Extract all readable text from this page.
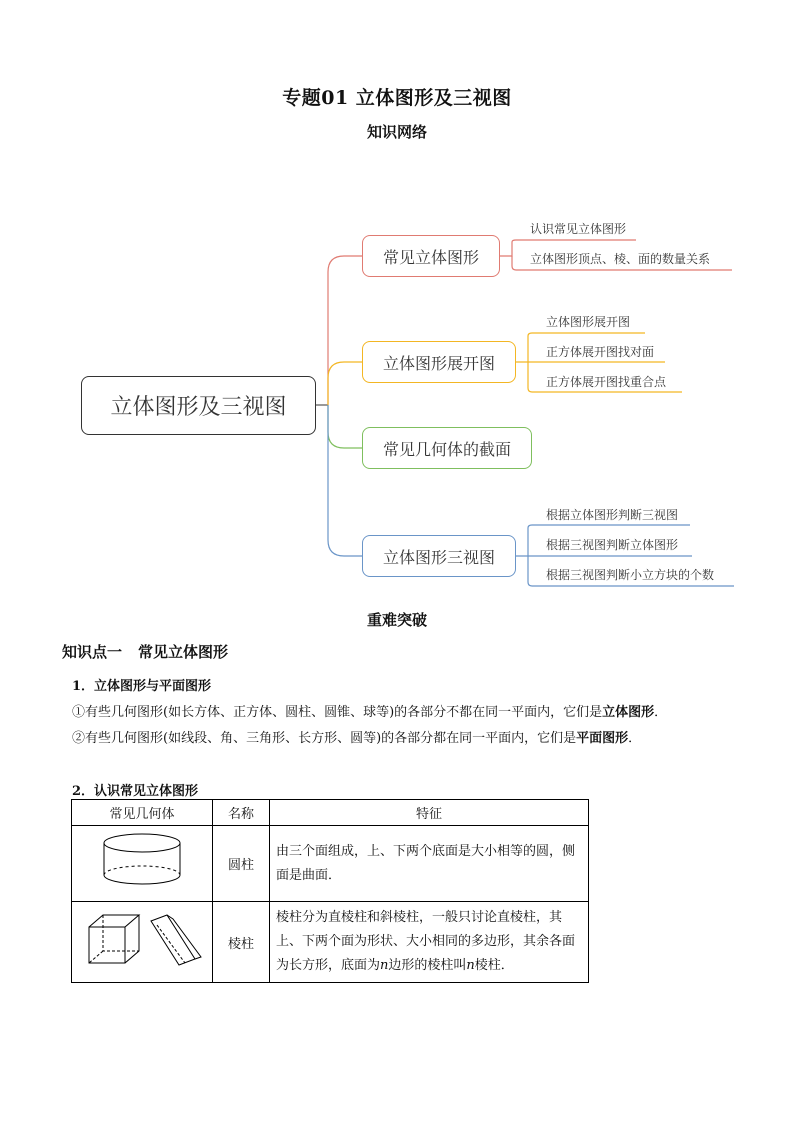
专题01 立体图形及三视图
知识网络
立体图形及三视图
常见立体图形
认识常见立体图形
立体图形顶点、棱、面的数量关系
立体图形展开图
立体图形展开图
正方体展开图找对面
正方体展开图找重合点
常见几何体的截面
立体图形三视图
根据立体图形判断三视图
根据三视图判断立体图形
根据三视图判断小立方块的个数
重难突破
知识点一 常见立体图形
1．立体图形与平面图形
①有些几何图形(如长方体、正方体、圆柱、圆锥、球等)的各部分不都在同一平面内，它们是立体图形．
②有些几何图形(如线段、角、三角形、长方形、圆等)的各部分都在同一平面内，它们是平面图形．
2．认识常见立体图形
常见几何体	名称	特征
	圆柱	由三个面组成，上、下两个底面是大小相等的圆，侧面是曲面．
	棱柱	棱柱分为直棱柱和斜棱柱，一般只讨论直棱柱，其上、下两个面为形状、大小相同的多边形，其余各面为长方形，底面为n边形的棱柱叫n棱柱．
